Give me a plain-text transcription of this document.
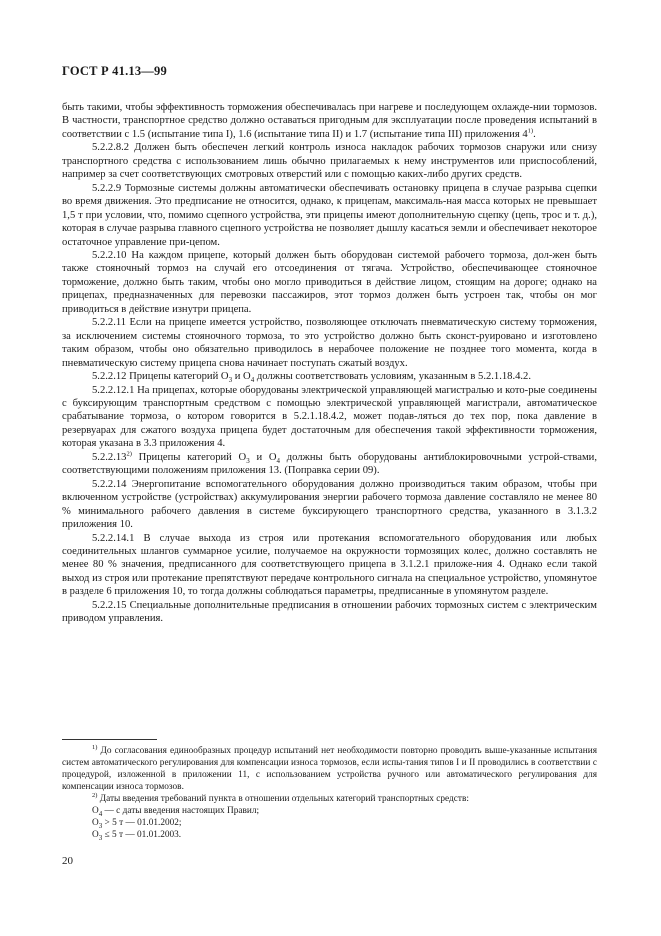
ГОСТ Р 41.13—99

быть такими, чтобы эффективность торможения обеспечивалась при нагреве и последующем охлажде-нии тормозов. В частности, транспортное средство должно оставаться пригодным для эксплуатации после проведения испытаний в соответствии с 1.5 (испытание типа I), 1.6 (испытание типа II) и 1.7 (испытание типа III) приложения 4$^{1)}$.

5.2.2.8.2 Должен быть обеспечен легкий контроль износа накладок рабочих тормозов снаружи или снизу транспортного средства с использованием лишь обычно прилагаемых к нему инструментов или приспособлений, например за счет соответствующих смотровых отверстий или с помощью каких-либо других средств.

5.2.2.9 Тормозные системы должны автоматически обеспечивать остановку прицепа в случае разрыва сцепки во время движения. Это предписание не относится, однако, к прицепам, максималь-ная масса которых не превышает 1,5 т при условии, что, помимо сцепного устройства, эти прицепы имеют дополнительную сцепку (цепь, трос и т. д.), которая в случае разрыва главного сцепного устройства не позволяет дышлу касаться земли и обеспечивает некоторое остаточное управление при-цепом.

5.2.2.10 На каждом прицепе, который должен быть оборудован системой рабочего тормоза, дол-жен быть также стояночный тормоз на случай его отсоединения от тягача. Устройство, обеспечивающее стояночное торможение, должно быть таким, чтобы оно могло приводиться в действие лицом, стоящим на дороге; однако на прицепах, предназначенных для перевозки пассажиров, этот тормоз должен быть устроен так, чтобы он мог приводиться в действие изнутри прицепа.

5.2.2.11 Если на прицепе имеется устройство, позволяющее отключать пневматическую систему торможения, за исключением системы стояночного тормоза, то это устройство должно быть сконст-руировано и изготовлено таким образом, чтобы оно обязательно приводилось в нерабочее положение не позднее того момента, когда в пневматическую систему прицепа снова начинает поступать сжатый воздух.

5.2.2.12 Прицепы категорий $O_3$ и $O_4$ должны соответствовать условиям, указанным в 5.2.1.18.4.2.

5.2.2.12.1 На прицепах, которые оборудованы электрической управляющей магистралью и кото-рые соединены с буксирующим транспортным средством с помощью электрической управляющей магистрали, автоматическое срабатывание тормоза, о котором говорится в 5.2.1.18.4.2, может подав-ляться до тех пор, пока давление в резервуарах для сжатого воздуха прицепа будет достаточным для обеспечения такой эффективности торможения, которая указана в 3.3 приложения 4.

5.2.2.13$^{2)}$ Прицепы категорий $O_3$ и $O_4$ должны быть оборудованы антиблокировочными устрой-ствами, соответствующими положениям приложения 13. (Поправка серии 09).

5.2.2.14 Энергопитание вспомогательного оборудования должно производиться таким образом, чтобы при включенном устройстве (устройствах) аккумулирования энергии рабочего тормоза давление составляло не менее 80 % минимального рабочего давления в системе буксирующего транспортного средства, указанного в 3.1.3.2 приложения 10.

5.2.2.14.1 В случае выхода из строя или протекания вспомогательного оборудования или любых соединительных шлангов суммарное усилие, получаемое на окружности тормозящих колес, должно составлять не менее 80 % значения, предписанного для соответствующего прицепа в 3.1.2.1 приложе-ния 4. Однако если такой выход из строя или протекание препятствуют передаче контрольного сигнала на специальное устройство, упомянутое в разделе 6 приложения 10, то тогда должны соблюдаться параметры, предписанные в упомянутом разделе.

5.2.2.15 Специальные дополнительные предписания в отношении рабочих тормозных систем с электрическим приводом управления.

$^{1)}$ До согласования единообразных процедур испытаний нет необходимости повторно проводить выше-указанные испытания систем автоматического регулирования для компенсации износа тормозов, если испы-тания типов I и II проводились в соответствии с процедурой, изложенной в приложении 11, с использованием устройства ручного или автоматического регулирования для компенсации износа тормозов.

$^{2)}$ Даты введения требований пункта в отношении отдельных категорий транспортных средств:

$O_4$ — с даты введения настоящих Правил;

$O_3 > 5$ т — 01.01.2002;

$O_3 \le 5$ т — 01.01.2003.

20
